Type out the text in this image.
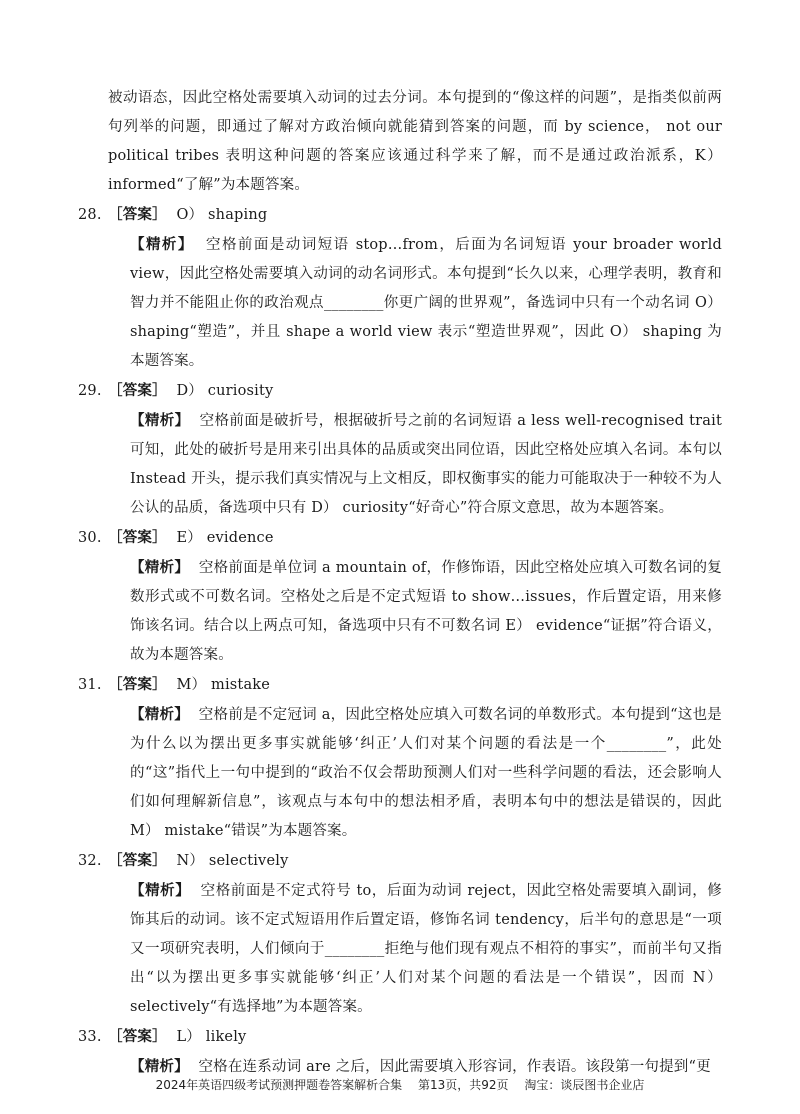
被动语态，因此空格处需要填入动词的过去分词。本句提到的“像这样的问题”，是指类似前两句列举的问题，即通过了解对方政治倾向就能猜到答案的问题，而 by science， not our political tribes 表明这种问题的答案应该通过科学来了解，而不是通过政治派系，K） informed“了解”为本题答案。
28. ［答案］ O） shaping
【精析】 空格前面是动词短语 stop…from，后面为名词短语 your broader world view，因此空格处需要填入动词的动名词形式。本句提到“长久以来，心理学表明，教育和智力并不能阻止你的政治观点________你更广阔的世界观”，备选词中只有一个动名词 O） shaping“塑造”，并且 shape a world view 表示“塑造世界观”，因此 O） shaping 为本题答案。
29. ［答案］ D） curiosity
【精析】 空格前面是破折号，根据破折号之前的名词短语 a less well-recognised trait 可知，此处的破折号是用来引出具体的品质或突出同位语，因此空格处应填入名词。本句以 Instead 开头，提示我们真实情况与上文相反，即权衡事实的能力可能取决于一种较不为人公认的品质，备选项中只有 D） curiosity“好奇心”符合原文意思，故为本题答案。
30. ［答案］ E） evidence
【精析】 空格前面是单位词 a mountain of，作修饰语，因此空格处应填入可数名词的复数形式或不可数名词。空格处之后是不定式短语 to show…issues，作后置定语，用来修饰该名词。结合以上两点可知，备选项中只有不可数名词 E） evidence“证据”符合语义，故为本题答案。
31. ［答案］ M） mistake
【精析】 空格前是不定冠词 a，因此空格处应填入可数名词的单数形式。本句提到“这也是为什么以为摆出更多事实就能够‘纠正’人们对某个问题的看法是一个________”，此处的“这”指代上一句中提到的“政治不仅会帮助预测人们对一些科学问题的看法，还会影响人们如何理解新信息”，该观点与本句中的想法相矛盾，表明本句中的想法是错误的，因此 M） mistake“错误”为本题答案。
32. ［答案］ N） selectively
【精析】 空格前面是不定式符号 to，后面为动词 reject，因此空格处需要填入副词，修饰其后的动词。该不定式短语用作后置定语，修饰名词 tendency，后半句的意思是“一项又一项研究表明，人们倾向于________拒绝与他们现有观点不相符的事实”，而前半句又指出“以为摆出更多事实就能够‘纠正’人们对某个问题的看法是一个错误”，因而 N） selectively“有选择地”为本题答案。
33. ［答案］ L） likely
【精析】 空格在连系动词 are 之后，因此需要填入形容词，作表语。该段第一句提到“更
2024年英语四级考试预测押题卷答案解析合集 第13页，共92页 淘宝：谈辰图书企业店
